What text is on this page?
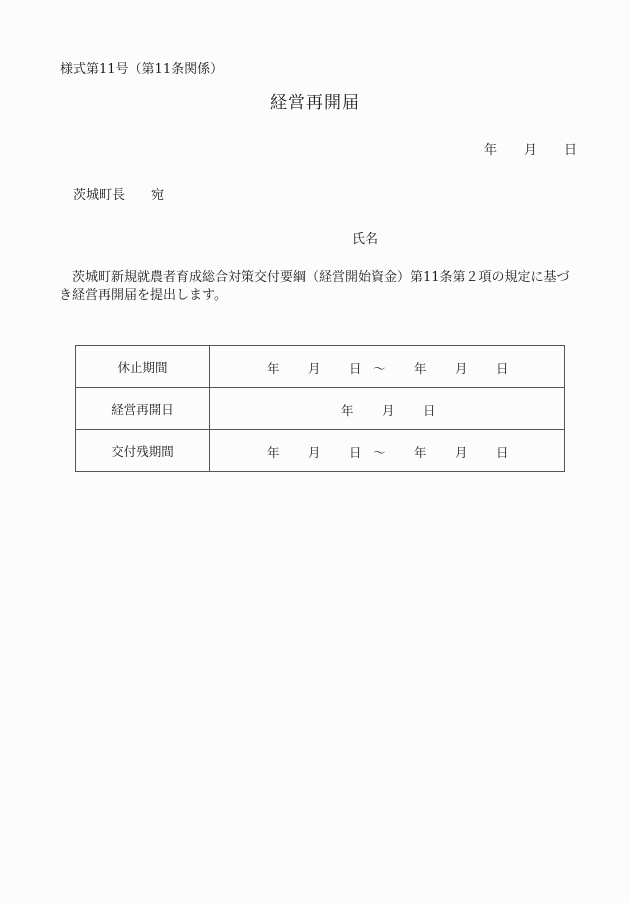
様式第11号（第11条関係）
経営再開届
年 月 日
茨城町長 宛
氏名
茨城町新規就農者育成総合対策交付要綱（経営開始資金）第11条第２項の規定に基づ
き経営再開届を提出します。
休止期間	年 月 日 〜 年 月 日

経営再開日	年 月 日

交付残期間	年 月 日 〜 年 月 日
